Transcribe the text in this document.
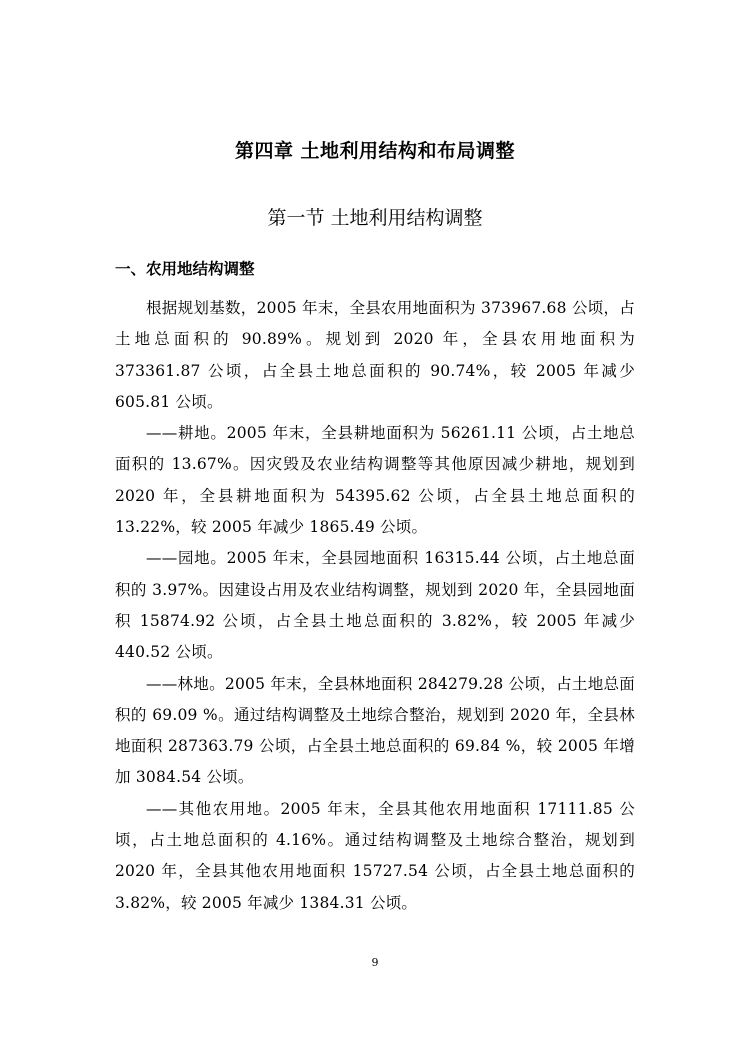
第四章 土地利用结构和布局调整
第一节 土地利用结构调整
一、农用地结构调整

根据规划基数，2005 年末，全县农用地面积为 373967.68 公顷，占土地总面积的 90.89%。规划到 2020 年，全县农用地面积为 373361.87 公顷，占全县土地总面积的 90.74%，较 2005 年减少 605.81 公顷。

——耕地。2005 年末，全县耕地面积为 56261.11 公顷，占土地总面积的 13.67%。因灾毁及农业结构调整等其他原因减少耕地，规划到 2020 年，全县耕地面积为 54395.62 公顷，占全县土地总面积的 13.22%，较 2005 年减少 1865.49 公顷。

——园地。2005 年末，全县园地面积 16315.44 公顷，占土地总面积的 3.97%。因建设占用及农业结构调整，规划到 2020 年，全县园地面积 15874.92 公顷，占全县土地总面积的 3.82%，较 2005 年减少 440.52 公顷。

——林地。2005 年末，全县林地面积 284279.28 公顷，占土地总面积的 69.09 %。通过结构调整及土地综合整治，规划到 2020 年，全县林地面积 287363.79 公顷，占全县土地总面积的 69.84 %，较 2005 年增加 3084.54 公顷。

——其他农用地。2005 年末，全县其他农用地面积 17111.85 公顷，占土地总面积的 4.16%。通过结构调整及土地综合整治，规划到 2020 年，全县其他农用地面积 15727.54 公顷，占全县土地总面积的 3.82%，较 2005 年减少 1384.31 公顷。

9
